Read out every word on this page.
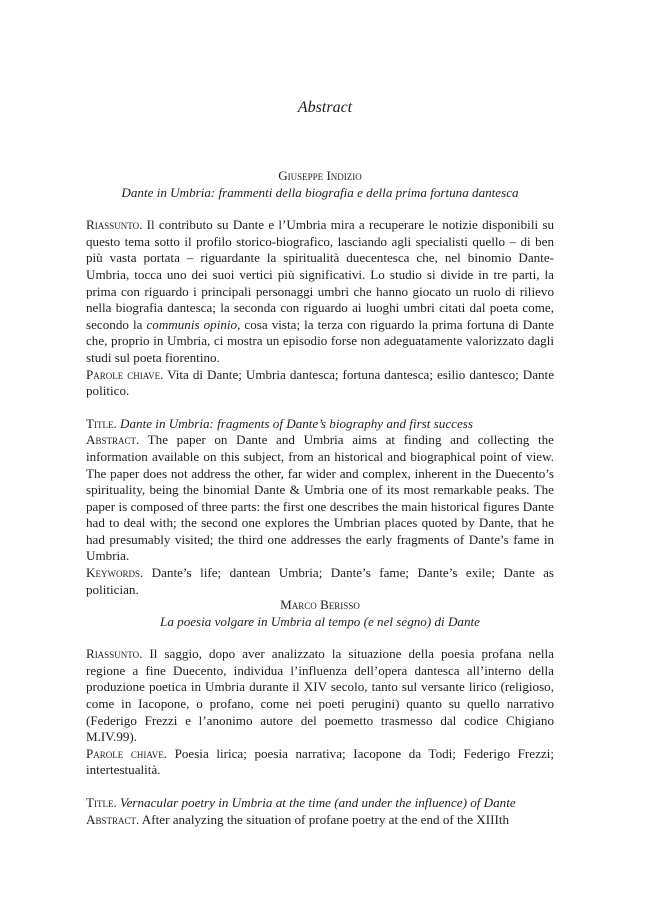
Abstract
Giuseppe Indizio
Dante in Umbria: frammenti della biografia e della prima fortuna dantesca

Riassunto. Il contributo su Dante e l’Umbria mira a recuperare le notizie disponibili su questo tema sotto il profilo storico-biografico, lasciando agli specialisti quello – di ben più vasta portata – riguardante la spiritualità duecentesca che, nel binomio Dante-Umbria, tocca uno dei suoi vertici più significativi. Lo studio si divide in tre parti, la prima con riguardo i principali personaggi umbri che hanno giocato un ruolo di rilievo nella biografia dantesca; la seconda con riguardo ai luoghi umbri citati dal poeta come, secondo la communis opinio, cosa vista; la terza con riguardo la prima fortuna di Dante che, proprio in Umbria, ci mostra un episodio forse non adeguatamente valorizzato dagli studi sul poeta fiorentino.

Parole chiave. Vita di Dante; Umbria dantesca; fortuna dantesca; esilio dantesco; Dante politico.

Title. Dante in Umbria: fragments of Dante’s biography and first success

Abstract. The paper on Dante and Umbria aims at finding and collecting the information available on this subject, from an historical and biographical point of view. The paper does not address the other, far wider and complex, inherent in the Duecento’s spirituality, being the binomial Dante & Umbria one of its most remarkable peaks. The paper is composed of three parts: the first one describes the main historical figures Dante had to deal with; the second one explores the Umbrian places quoted by Dante, that he had presumably visited; the third one addresses the early fragments of Dante’s fame in Umbria.

Keywords. Dante’s life; dantean Umbria; Dante’s fame; Dante’s exile; Dante as politician.

Marco Berisso
La poesia volgare in Umbria al tempo (e nel segno) di Dante

Riassunto. Il saggio, dopo aver analizzato la situazione della poesia profana nella regione a fine Duecento, individua l’influenza dell’opera dantesca all’interno della produzione poetica in Umbria durante il XIV secolo, tanto sul versante lirico (religioso, come in Iacopone, o profano, come nei poeti perugini) quanto su quello narrativo (Federigo Frezzi e l’anonimo autore del poemetto trasmesso dal codice Chigiano M.IV.99).

Parole chiave. Poesia lirica; poesia narrativa; Iacopone da Todi; Federigo Frezzi; intertestualità.

Title. Vernacular poetry in Umbria at the time (and under the influence) of Dante

Abstract. After analyzing the situation of profane poetry at the end of the XIIIth
